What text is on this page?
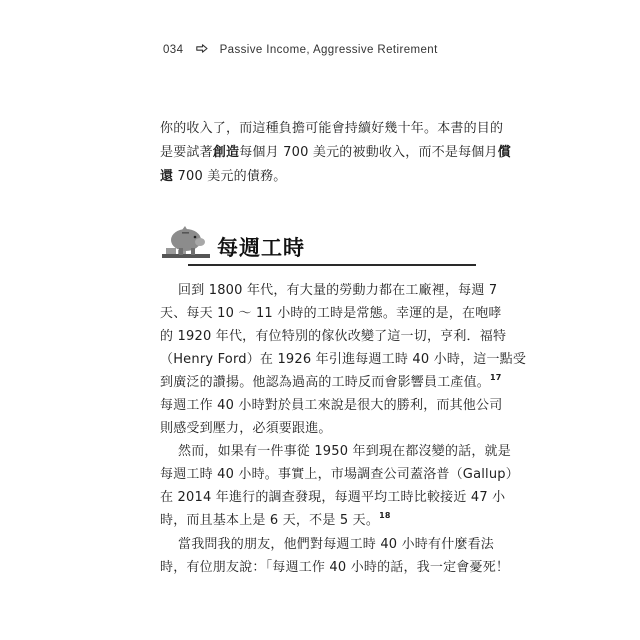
034	Passive Income, Aggressive Retirement
你的收入了，而這種負擔可能會持續好幾十年。本書的目的
是要試著創造每個月 700 美元的被動收入，而不是每個月償
還 700 美元的債務。
每週工時
回到 1800 年代，有大量的勞動力都在工廠裡，每週 7
天、每天 10 ～ 11 小時的工時是常態。幸運的是，在咆哮
的 1920 年代，有位特別的傢伙改變了這一切，亨利．福特
（Henry Ford）在 1926 年引進每週工時 40 小時，這一點受
到廣泛的讚揚。他認為過高的工時反而會影響員工產值。$^{17}$
每週工作 40 小時對於員工來說是很大的勝利，而其他公司
則感受到壓力，必須要跟進。
然而，如果有一件事從 1950 年到現在都沒變的話，就是
每週工時 40 小時。事實上，市場調查公司蓋洛普（Gallup）
在 2014 年進行的調查發現，每週平均工時比較接近 47 小
時，而且基本上是 6 天，不是 5 天。$^{18}$
當我問我的朋友，他們對每週工時 40 小時有什麼看法
時，有位朋友說：「每週工作 40 小時的話，我一定會憂死！
